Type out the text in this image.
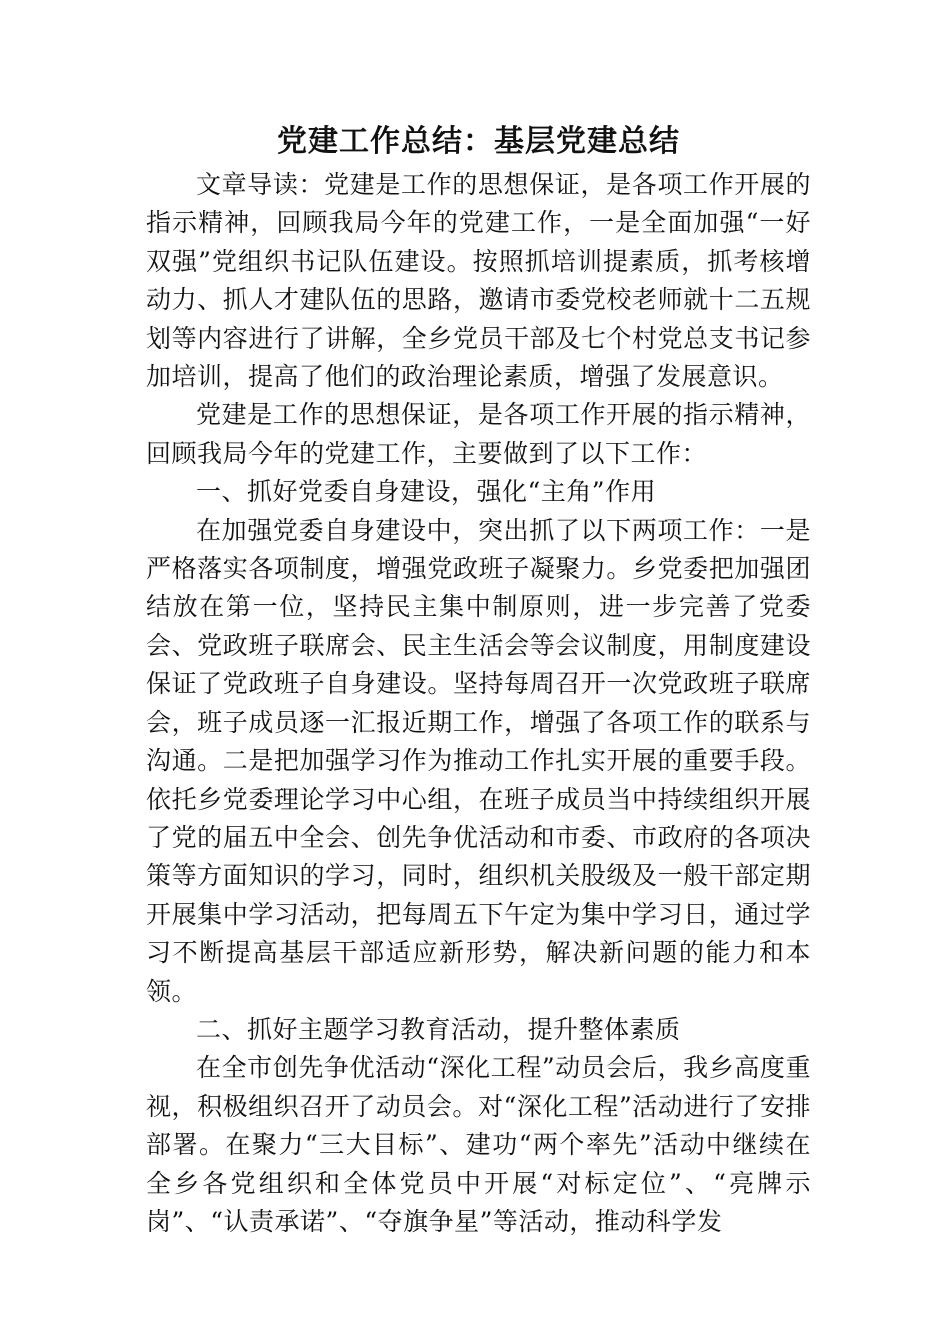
党建工作总结：基层党建总结

文章导读：党建是工作的思想保证，是各项工作开展的指示精神，回顾我局今年的党建工作，一是全面加强“一好双强”党组织书记队伍建设。按照抓培训提素质，抓考核增动力、抓人才建队伍的思路，邀请市委党校老师就十二五规划等内容进行了讲解，全乡党员干部及七个村党总支书记参加培训，提高了他们的政治理论素质，增强了发展意识。

党建是工作的思想保证，是各项工作开展的指示精神，回顾我局今年的党建工作，主要做到了以下工作：

一、抓好党委自身建设，强化“主角”作用

在加强党委自身建设中，突出抓了以下两项工作：一是严格落实各项制度，增强党政班子凝聚力。乡党委把加强团结放在第一位，坚持民主集中制原则，进一步完善了党委会、党政班子联席会、民主生活会等会议制度，用制度建设保证了党政班子自身建设。坚持每周召开一次党政班子联席会，班子成员逐一汇报近期工作，增强了各项工作的联系与沟通。二是把加强学习作为推动工作扎实开展的重要手段。依托乡党委理论学习中心组，在班子成员当中持续组织开展了党的届五中全会、创先争优活动和市委、市政府的各项决策等方面知识的学习，同时，组织机关股级及一般干部定期开展集中学习活动，把每周五下午定为集中学习日，通过学习不断提高基层干部适应新形势，解决新问题的能力和本领。

二、抓好主题学习教育活动，提升整体素质

在全市创先争优活动“深化工程”动员会后，我乡高度重视，积极组织召开了动员会。对“深化工程”活动进行了安排部署。在聚力“三大目标”、建功“两个率先”活动中继续在全乡各党组织和全体党员中开展“对标定位”、“亮牌示岗”、“认责承诺”、“夺旗争星”等活动，推动科学发
